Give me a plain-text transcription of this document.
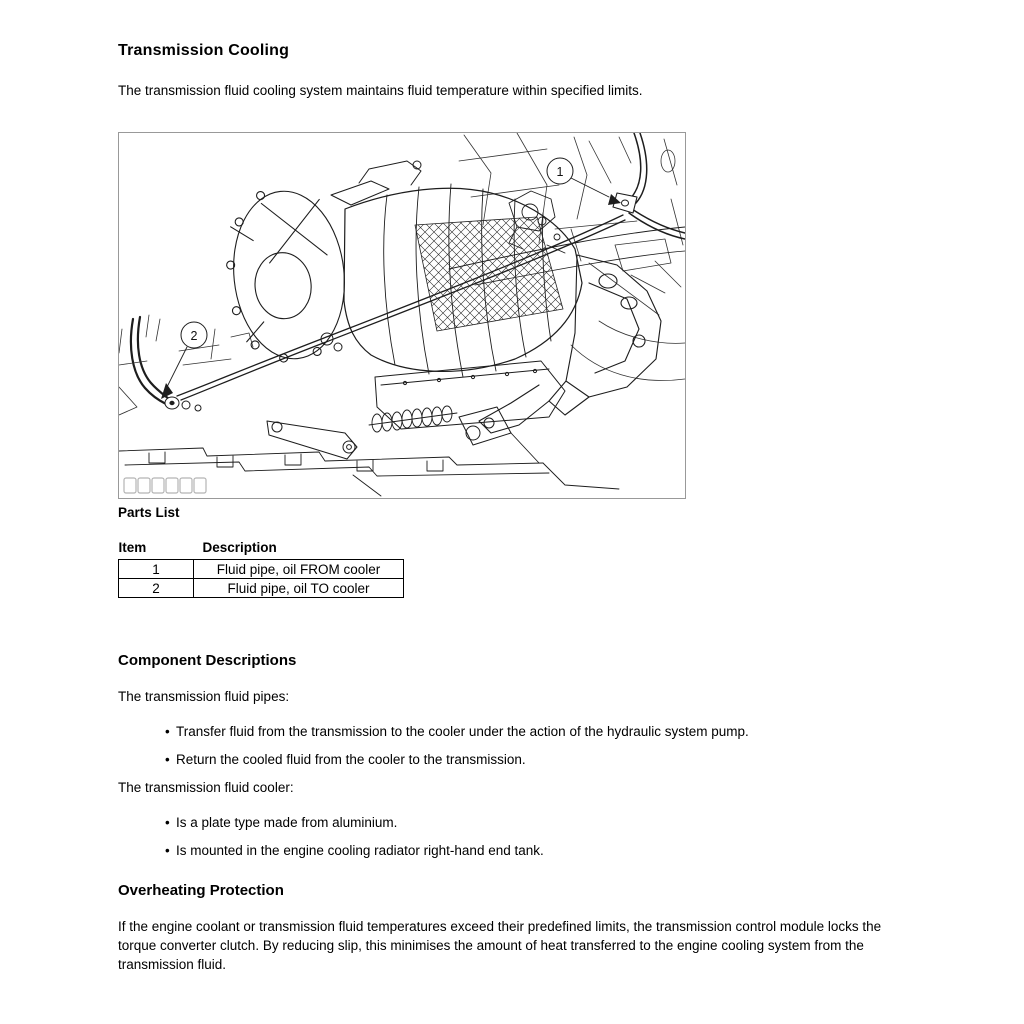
Transmission Cooling

The transmission fluid cooling system maintains fluid temperature within specified limits.

2
1
Parts List
Item	Description
1	Fluid pipe, oil FROM cooler
2	Fluid pipe, oil TO cooler
Component Descriptions

The transmission fluid pipes:

• Transfer fluid from the transmission to the cooler under the action of the hydraulic system pump.
• Return the cooled fluid from the cooler to the transmission.

The transmission fluid cooler:

• Is a plate type made from aluminium.
• Is mounted in the engine cooling radiator right-hand end tank.
Overheating Protection

If the engine coolant or transmission fluid temperatures exceed their predefined limits, the transmission control module locks the torque converter clutch. By reducing slip, this minimises the amount of heat transferred to the engine cooling system from the transmission fluid.
